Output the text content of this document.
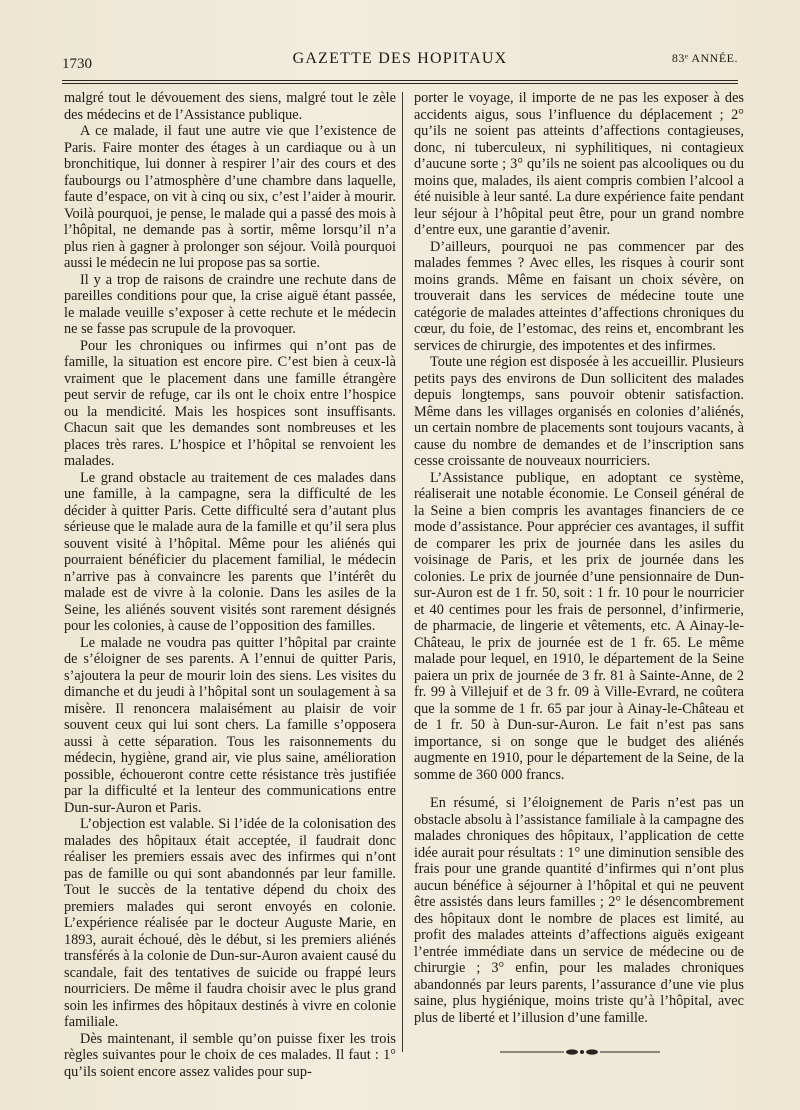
1730	GAZETTE DES HOPITAUX	83ᵉ ANNÉE.

malgré tout le dévouement des siens, malgré tout le zèle des médecins et de l’Assistance publique.

A ce malade, il faut une autre vie que l’existence de Paris. Faire monter des étages à un cardiaque ou à un bronchitique, lui donner à respirer l’air des cours et des faubourgs ou l’atmosphère d’une chambre dans laquelle, faute d’espace, on vit à cinq ou six, c’est l’aider à mourir. Voilà pourquoi, je pense, le malade qui a passé des mois à l’hôpital, ne demande pas à sortir, même lorsqu’il n’a plus rien à gagner à prolonger son séjour. Voilà pourquoi aussi le médecin ne lui propose pas sa sortie.

Il y a trop de raisons de craindre une rechute dans de pareilles conditions pour que, la crise aiguë étant passée, le malade veuille s’exposer à cette rechute et le médecin ne se fasse pas scrupule de la provoquer.

Pour les chroniques ou infirmes qui n’ont pas de famille, la situation est encore pire. C’est bien à ceux-là vraiment que le placement dans une famille étrangère peut servir de refuge, car ils ont le choix entre l’hospice ou la mendicité. Mais les hospices sont insuffisants. Chacun sait que les demandes sont nombreuses et les places très rares. L’hospice et l’hôpital se renvoient les malades.

Le grand obstacle au traitement de ces malades dans une famille, à la campagne, sera la difficulté de les décider à quitter Paris. Cette difficulté sera d’autant plus sérieuse que le malade aura de la famille et qu’il sera plus souvent visité à l’hôpital. Même pour les aliénés qui pourraient bénéficier du placement familial, le médecin n’arrive pas à convaincre les parents que l’intérêt du malade est de vivre à la colonie. Dans les asiles de la Seine, les aliénés souvent visités sont rarement désignés pour les colonies, à cause de l’opposition des familles.

Le malade ne voudra pas quitter l’hôpital par crainte de s’éloigner de ses parents. A l’ennui de quitter Paris, s’ajoutera la peur de mourir loin des siens. Les visites du dimanche et du jeudi à l’hôpital sont un soulagement à sa misère. Il renoncera malaisément au plaisir de voir souvent ceux qui lui sont chers. La famille s’opposera aussi à cette séparation. Tous les raisonnements du médecin, hygiène, grand air, vie plus saine, amélioration possible, échoueront contre cette résistance très justifiée par la difficulté et la lenteur des communications entre Dun-sur-Auron et Paris.

L’objection est valable. Si l’idée de la colonisation des malades des hôpitaux était acceptée, il faudrait donc réaliser les premiers essais avec des infirmes qui n’ont pas de famille ou qui sont abandonnés par leur famille. Tout le succès de la tentative dépend du choix des premiers malades qui seront envoyés en colonie. L’expérience réalisée par le docteur Auguste Marie, en 1893, aurait échoué, dès le début, si les premiers aliénés transférés à la colonie de Dun-sur-Auron avaient causé du scandale, fait des tentatives de suicide ou frappé leurs nourriciers. De même il faudra choisir avec le plus grand soin les infirmes des hôpitaux destinés à vivre en colonie familiale.

Dès maintenant, il semble qu’on puisse fixer les trois règles suivantes pour le choix de ces malades. Il faut : 1° qu’ils soient encore assez valides pour sup-

porter le voyage, il importe de ne pas les exposer à des accidents aigus, sous l’influence du déplacement ; 2° qu’ils ne soient pas atteints d’affections contagieuses, donc, ni tuberculeux, ni syphilitiques, ni contagieux d’aucune sorte ; 3° qu’ils ne soient pas alcooliques ou du moins que, malades, ils aient compris combien l’alcool a été nuisible à leur santé. La dure expérience faite pendant leur séjour à l’hôpital peut être, pour un grand nombre d’entre eux, une garantie d’avenir.

D’ailleurs, pourquoi ne pas commencer par des malades femmes ? Avec elles, les risques à courir sont moins grands. Même en faisant un choix sévère, on trouverait dans les services de médecine toute une catégorie de malades atteintes d’affections chroniques du cœur, du foie, de l’estomac, des reins et, encombrant les services de chirurgie, des impotentes et des infirmes.

Toute une région est disposée à les accueillir. Plusieurs petits pays des environs de Dun sollicitent des malades depuis longtemps, sans pouvoir obtenir satisfaction. Même dans les villages organisés en colonies d’aliénés, un certain nombre de placements sont toujours vacants, à cause du nombre de demandes et de l’inscription sans cesse croissante de nouveaux nourriciers.

L’Assistance publique, en adoptant ce système, réaliserait une notable économie. Le Conseil général de la Seine a bien compris les avantages financiers de ce mode d’assistance. Pour apprécier ces avantages, il suffit de comparer les prix de journée dans les asiles du voisinage de Paris, et les prix de journée dans les colonies. Le prix de journée d’une pensionnaire de Dun-sur-Auron est de 1 fr. 50, soit : 1 fr. 10 pour le nourricier et 40 centimes pour les frais de personnel, d’infirmerie, de pharmacie, de lingerie et vêtements, etc. A Ainay-le-Château, le prix de journée est de 1 fr. 65. Le même malade pour lequel, en 1910, le département de la Seine paiera un prix de journée de 3 fr. 81 à Sainte-Anne, de 2 fr. 99 à Villejuif et de 3 fr. 09 à Ville-Evrard, ne coûtera que la somme de 1 fr. 65 par jour à Ainay-le-Château et de 1 fr. 50 à Dun-sur-Auron. Le fait n’est pas sans importance, si on songe que le budget des aliénés augmente en 1910, pour le département de la Seine, de la somme de 360 000 francs.

En résumé, si l’éloignement de Paris n’est pas un obstacle absolu à l’assistance familiale à la campagne des malades chroniques des hôpitaux, l’application de cette idée aurait pour résultats : 1° une diminution sensible des frais pour une grande quantité d’infirmes qui n’ont plus aucun bénéfice à séjourner à l’hôpital et qui ne peuvent être assistés dans leurs familles ; 2° le désencombrement des hôpitaux dont le nombre de places est limité, au profit des malades atteints d’affections aiguës exigeant l’entrée immédiate dans un service de médecine ou de chirurgie ; 3° enfin, pour les malades chroniques abandonnés par leurs parents, l’assurance d’une vie plus saine, plus hygiénique, moins triste qu’à l’hôpital, avec plus de liberté et l’illusion d’une famille.
